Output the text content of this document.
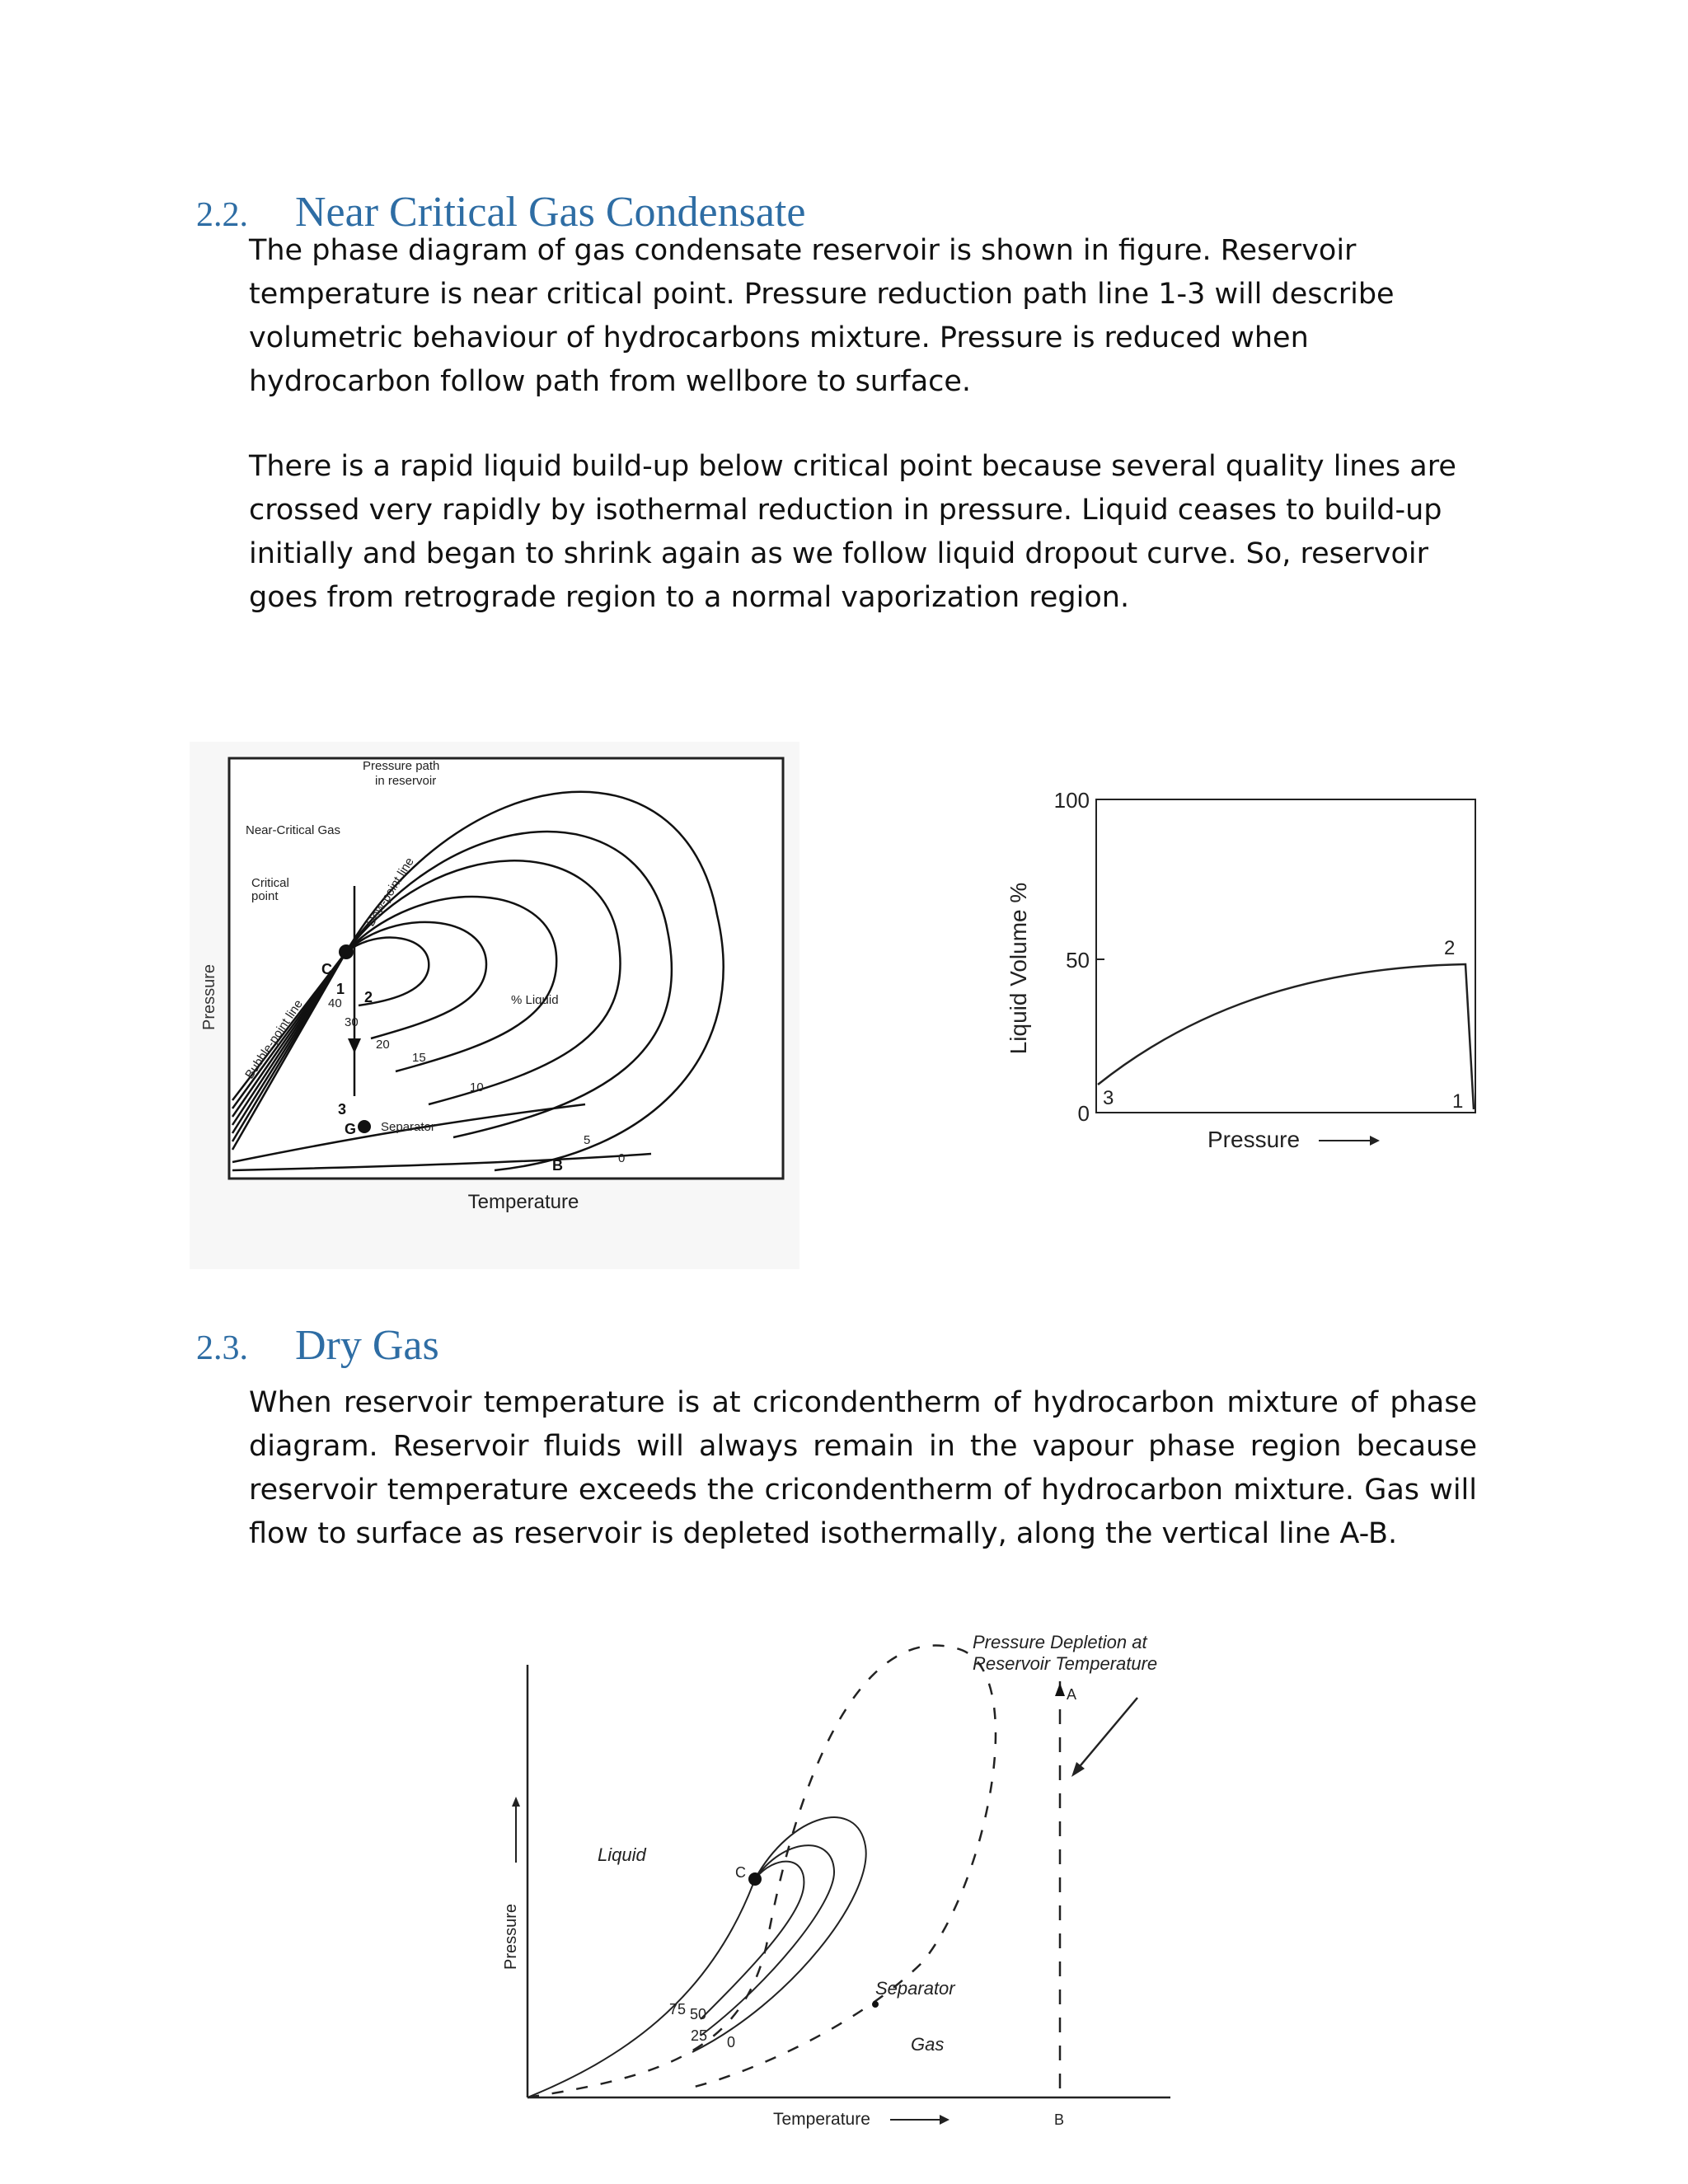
2.2. Near Critical Gas Condensate

The phase diagram of gas condensate reservoir is shown in figure. Reservoir temperature is near critical point. Pressure reduction path line 1-3 will describe volumetric behaviour of hydrocarbons mixture. Pressure is reduced when hydrocarbon follow path from wellbore to surface.

There is a rapid liquid build-up below critical point because several quality lines are crossed very rapidly by isothermal reduction in pressure. Liquid ceases to build-up initially and began to shrink again as we follow liquid dropout curve. So, reservoir goes from retrograde region to a normal vaporization region.

Pressure
Pressure path
in reservoir
Near-Critical Gas
Critical
point	Dew-point line
Bubble-point line	% Liquid
Separator
40
30
20
15
10
5
0
C
1 2
3
G
B
Temperature
Liquid Volume %
100
50
0
3
2
1
Pressure
2.3. Dry Gas

When reservoir temperature is at cricondentherm of hydrocarbon mixture of phase diagram. Reservoir fluids will always remain in the vapour phase region because reservoir temperature exceeds the cricondentherm of hydrocarbon mixture. Gas will flow to surface as reservoir is depleted isothermally, along the vertical line A-B.

Pressure
Pressure Depletion at
Reservoir Temperature
Liquid
Separator
Gas
A
B
C
75 50
25 0
Temperature
